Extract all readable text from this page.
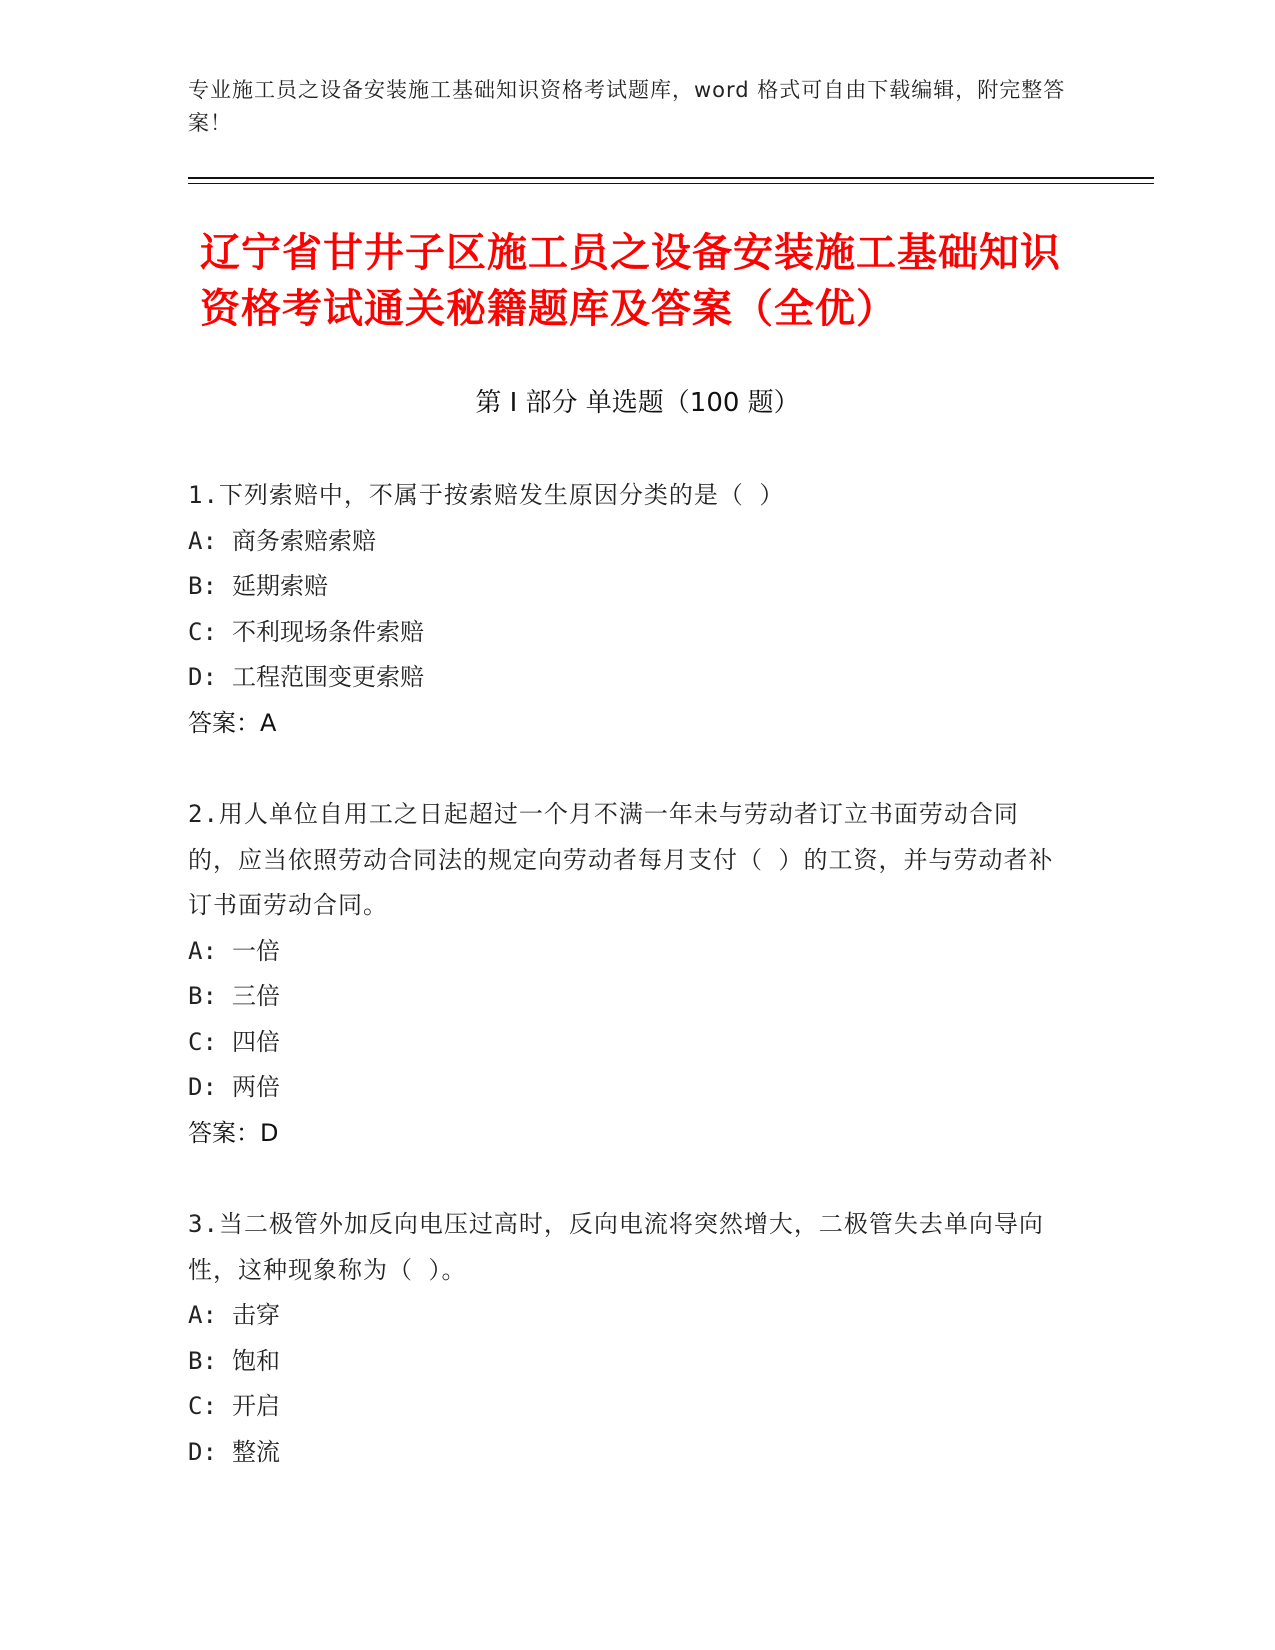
专业施工员之设备安装施工基础知识资格考试题库，word 格式可自由下载编辑，附完整答案！
辽宁省甘井子区施工员之设备安装施工基础知识资格考试通关秘籍题库及答案（全优）
第 I 部分 单选题（100 题）
1.下列索赔中，不属于按索赔发生原因分类的是（ ）
A: 商务索赔索赔
B: 延期索赔
C: 不利现场条件索赔
D: 工程范围变更索赔
答案：A
2.用人单位自用工之日起超过一个月不满一年未与劳动者订立书面劳动合同的，应当依照劳动合同法的规定向劳动者每月支付（ ）的工资，并与劳动者补订书面劳动合同。
A: 一倍
B: 三倍
C: 四倍
D: 两倍
答案：D
3.当二极管外加反向电压过高时，反向电流将突然增大，二极管失去单向导向性，这种现象称为（ ）。
A: 击穿
B: 饱和
C: 开启
D: 整流
